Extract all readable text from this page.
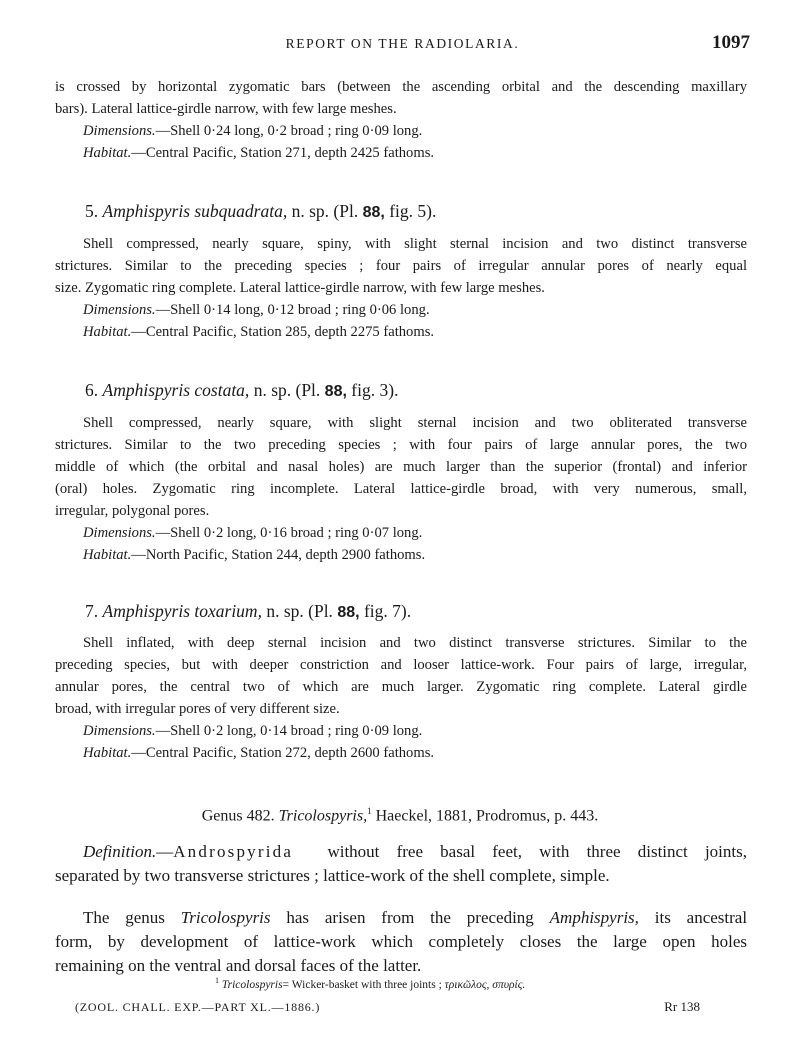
REPORT ON THE RADIOLARIA.	1097
is crossed by horizontal zygomatic bars (between the ascending orbital and the descending maxillary
bars). Lateral lattice-girdle narrow, with few large meshes.
Dimensions.—Shell 0·24 long, 0·2 broad ; ring 0·09 long.
Habitat.—Central Pacific, Station 271, depth 2425 fathoms.
5. Amphispyris subquadrata, n. sp. (Pl. 88, fig. 5).
Shell compressed, nearly square, spiny, with slight sternal incision and two distinct transverse
strictures. Similar to the preceding species ; four pairs of irregular annular pores of nearly equal
size. Zygomatic ring complete. Lateral lattice-girdle narrow, with few large meshes.
Dimensions.—Shell 0·14 long, 0·12 broad ; ring 0·06 long.
Habitat.—Central Pacific, Station 285, depth 2275 fathoms.
6. Amphispyris costata, n. sp. (Pl. 88, fig. 3).
Shell compressed, nearly square, with slight sternal incision and two obliterated transverse
strictures. Similar to the two preceding species ; with four pairs of large annular pores, the two
middle of which (the orbital and nasal holes) are much larger than the superior (frontal) and inferior
(oral) holes. Zygomatic ring incomplete. Lateral lattice-girdle broad, with very numerous, small,
irregular, polygonal pores.
Dimensions.—Shell 0·2 long, 0·16 broad ; ring 0·07 long.
Habitat.—North Pacific, Station 244, depth 2900 fathoms.
7. Amphispyris toxarium, n. sp. (Pl. 88, fig. 7).
Shell inflated, with deep sternal incision and two distinct transverse strictures. Similar to the
preceding species, but with deeper constriction and looser lattice-work. Four pairs of large, irregular,
annular pores, the central two of which are much larger. Zygomatic ring complete. Lateral girdle
broad, with irregular pores of very different size.
Dimensions.—Shell 0·2 long, 0·14 broad ; ring 0·09 long.
Habitat.—Central Pacific, Station 272, depth 2600 fathoms.
Genus 482. Tricolospyris,$^1$ Haeckel, 1881, Prodromus, p. 443.
Definition.—Androspyrida without free basal feet, with three distinct joints,
separated by two transverse strictures ; lattice-work of the shell complete, simple.
The genus Tricolospyris has arisen from the preceding Amphispyris, its ancestral
form, by development of lattice-work which completely closes the large open holes
remaining on the ventral and dorsal faces of the latter.
$^1$ Tricolospyris= Wicker-basket with three joints ; τρικῶλος, σπυρίς.
(ZOOL. CHALL. EXP.—PART XL.—1886.)	Rr 138
